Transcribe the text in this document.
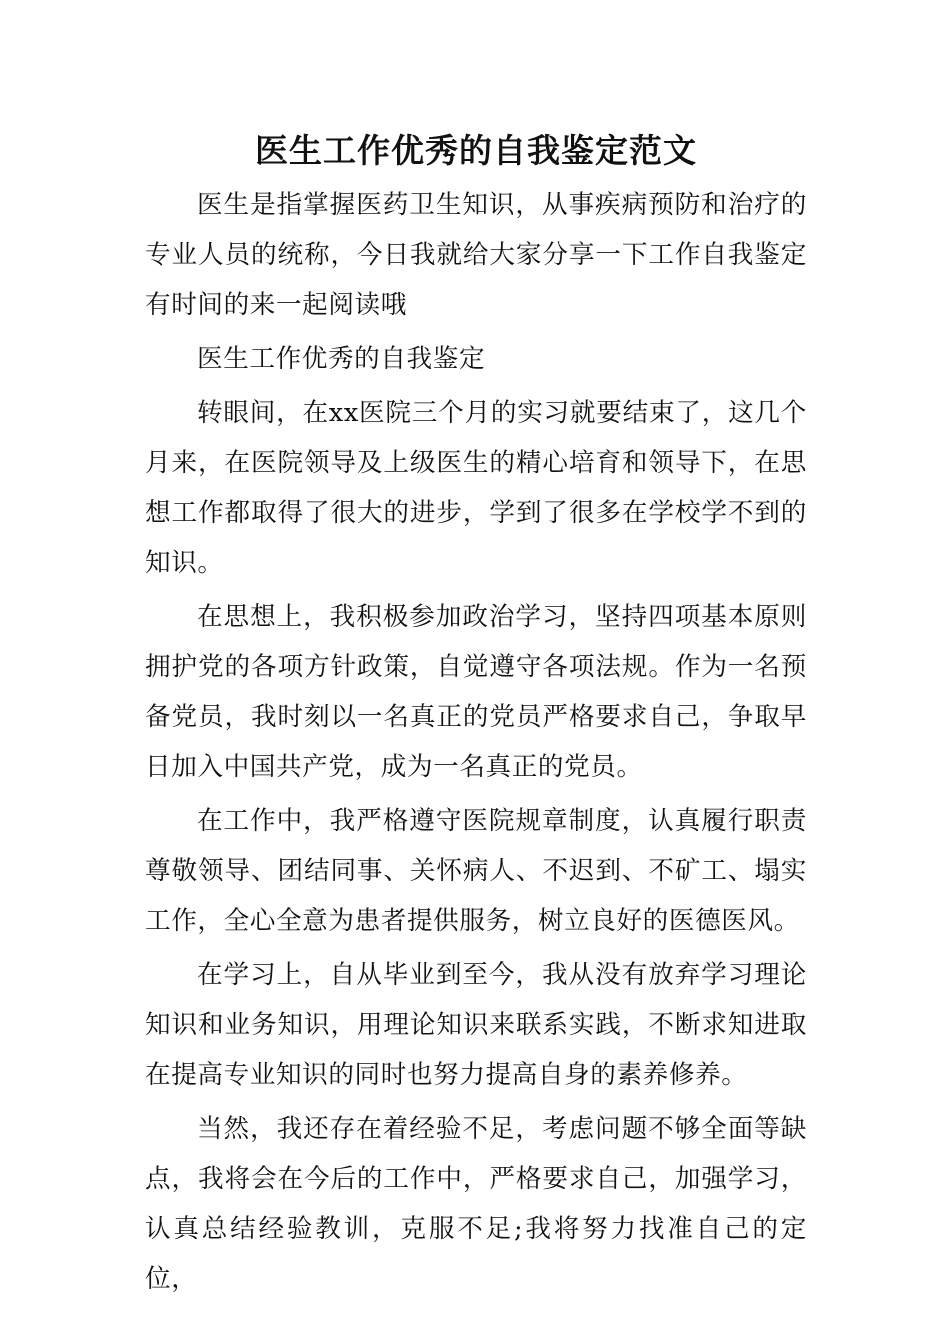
医生工作优秀的自我鉴定范文

医生是指掌握医药卫生知识，从事疾病预防和治疗的专业人员的统称，今日我就给大家分享一下工作自我鉴定有时间的来一起阅读哦

医生工作优秀的自我鉴定

转眼间，在xx医院三个月的实习就要结束了，这几个月来，在医院领导及上级医生的精心培育和领导下，在思想工作都取得了很大的进步，学到了很多在学校学不到的知识。

在思想上，我积极参加政治学习，坚持四项基本原则拥护党的各项方针政策，自觉遵守各项法规。作为一名预备党员，我时刻以一名真正的党员严格要求自己，争取早日加入中国共产党，成为一名真正的党员。

在工作中，我严格遵守医院规章制度，认真履行职责尊敬领导、团结同事、关怀病人、不迟到、不矿工、塌实工作，全心全意为患者提供服务，树立良好的医德医风。

在学习上，自从毕业到至今，我从没有放弃学习理论知识和业务知识，用理论知识来联系实践，不断求知进取在提高专业知识的同时也努力提高自身的素养修养。

当然，我还存在着经验不足，考虑问题不够全面等缺点，我将会在今后的工作中，严格要求自己，加强学习，认真总结经验教训，克服不足;我将努力找准自己的定位，
